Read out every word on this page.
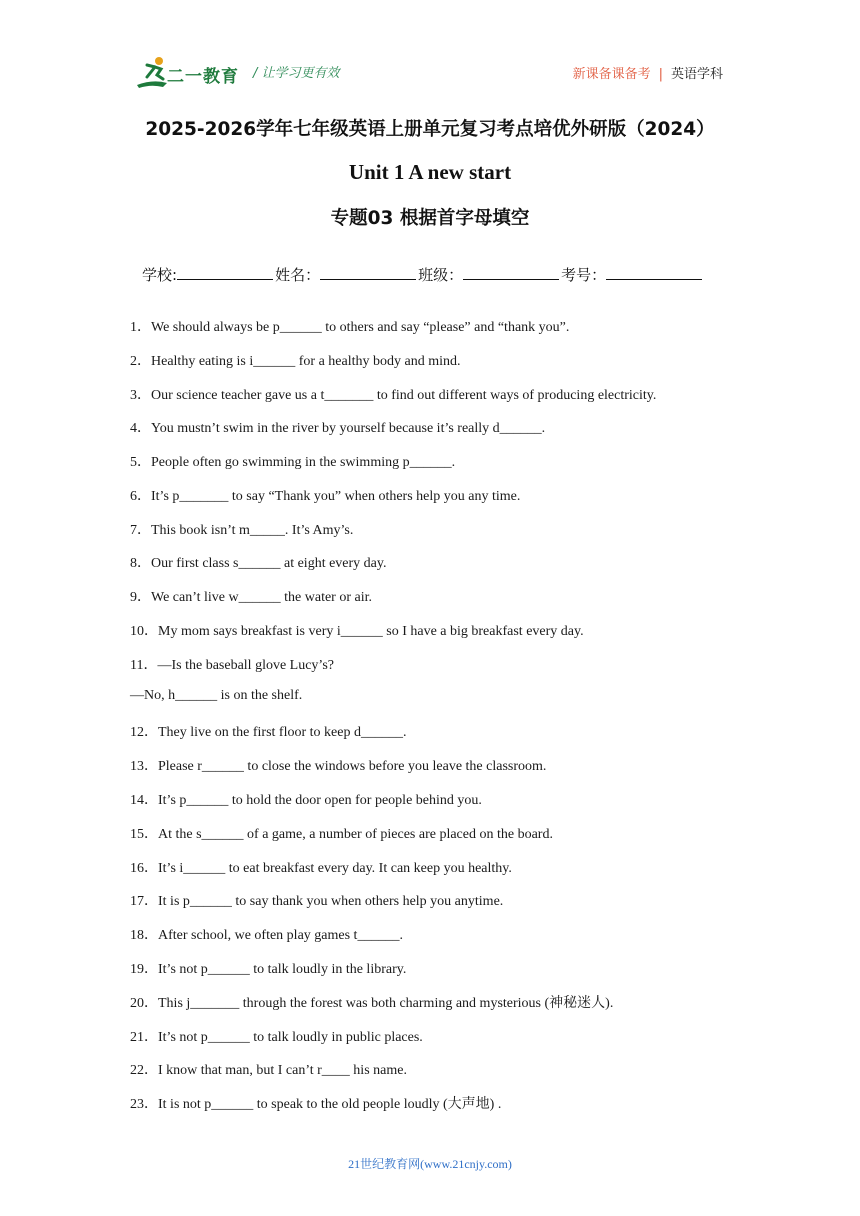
二一教育 / 让学习更有效	新课备课备考 | 英语学科
2025-2026学年七年级英语上册单元复习考点培优外研版（2024）
Unit 1 A new start
专题03 根据首字母填空
学校:	姓名：	班级：	考号：
1．We should always be p______ to others and say “please” and “thank you”.
2．Healthy eating is i______ for a healthy body and mind.
3．Our science teacher gave us a t_______ to find out different ways of producing electricity.
4．You mustn’t swim in the river by yourself because it’s really d______.
5．People often go swimming in the swimming p______.
6．It’s p_______ to say “Thank you” when others help you any time.
7．This book isn’t m_____. It’s Amy’s.
8．Our first class s______ at eight every day.
9．We can’t live w______ the water or air.
10．My mom says breakfast is very i______ so I have a big breakfast every day.
11．—Is the baseball glove Lucy’s?
—No, h______ is on the shelf.
12．They live on the first floor to keep d______.
13．Please r______ to close the windows before you leave the classroom.
14．It’s p______ to hold the door open for people behind you.
15．At the s______ of a game, a number of pieces are placed on the board.
16．It’s i______ to eat breakfast every day. It can keep you healthy.
17．It is p______ to say thank you when others help you anytime.
18．After school, we often play games t______.
19．It’s not p______ to talk loudly in the library.
20．This j_______ through the forest was both charming and mysterious (神秘迷人).
21．It’s not p______ to talk loudly in public places.
22．I know that man, but I can’t r____ his name.
23．It is not p______ to speak to the old people loudly (大声地) .
21世纪教育网(www.21cnjy.com)
